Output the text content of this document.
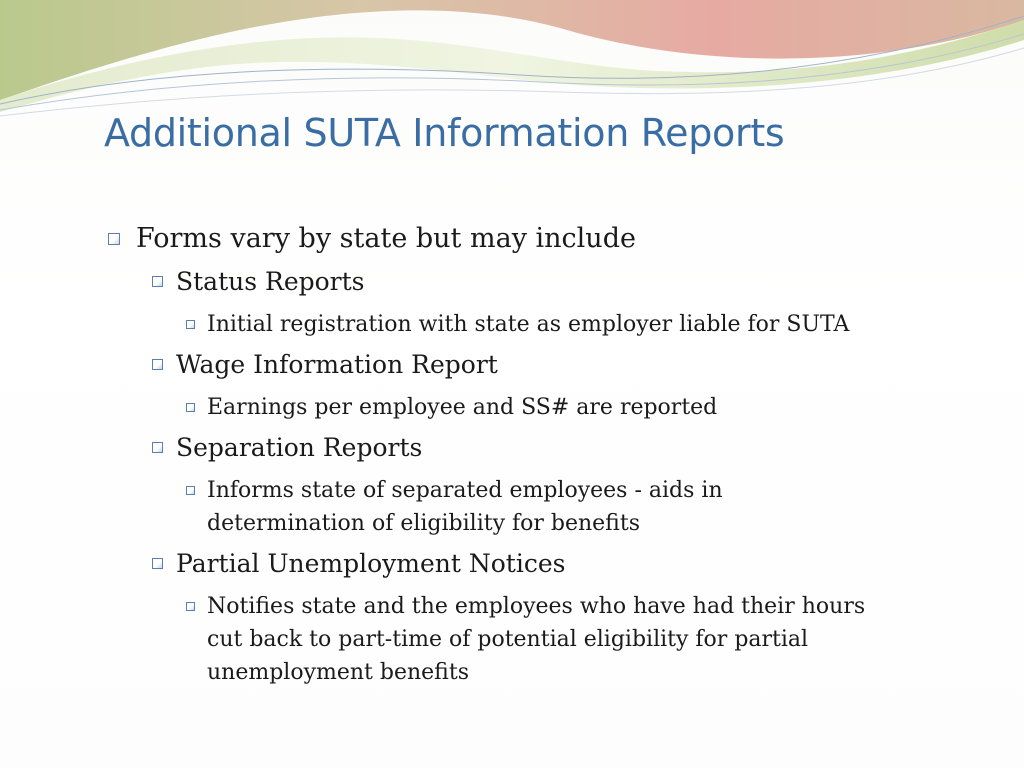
Additional SUTA Information Reports
Forms vary by state but may include
Status Reports
Initial registration with state as employer liable for SUTA
Wage Information Report
Earnings per employee and SS# are reported
Separation Reports
Informs state of separated employees - aids in
determination of eligibility for benefits
Partial Unemployment Notices
Notifies state and the employees who have had their hours
cut back to part-time of potential eligibility for partial
unemployment benefits
